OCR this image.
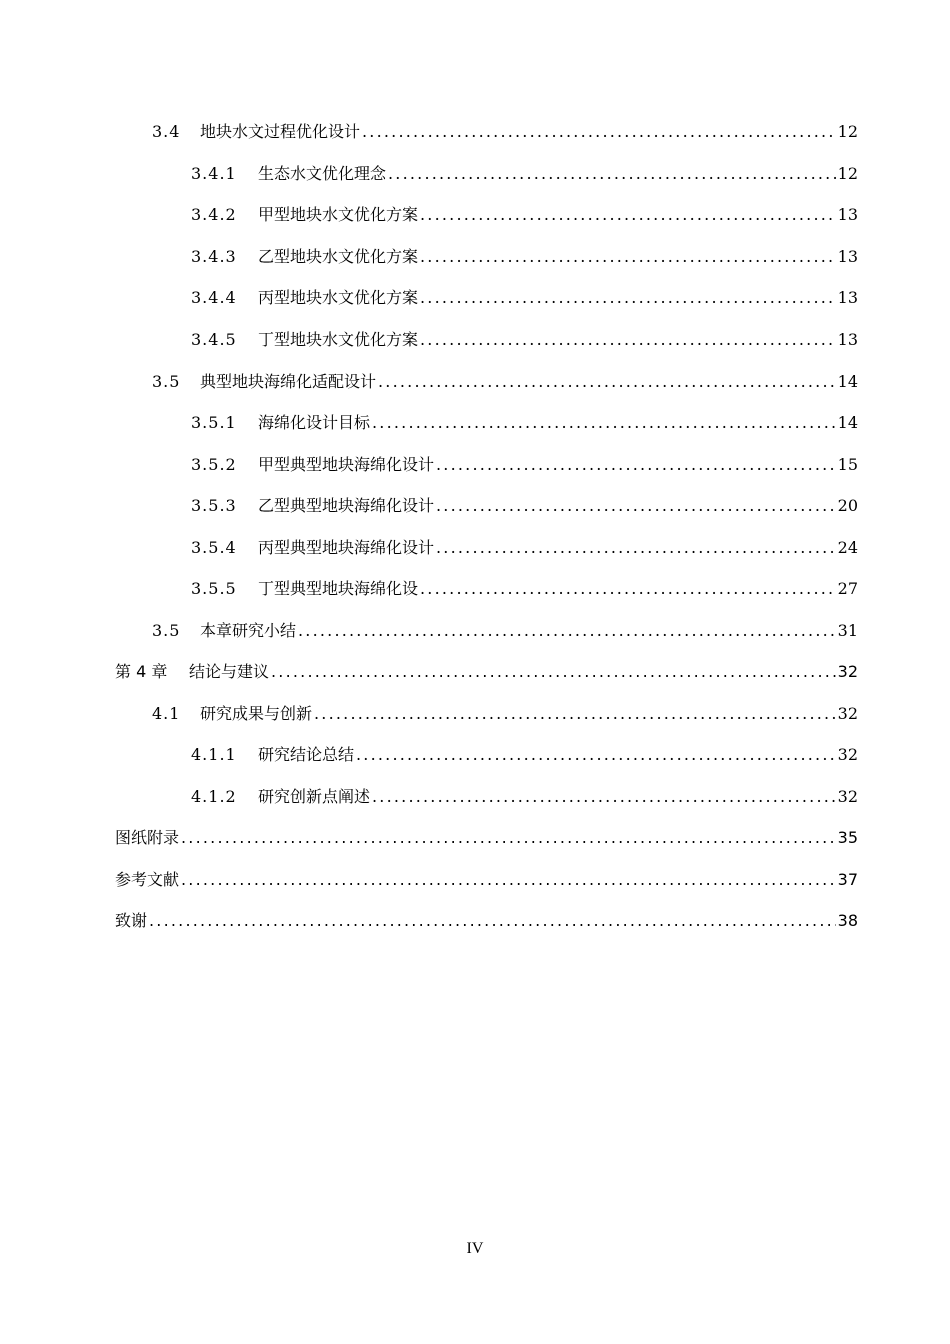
3.4	地块水文过程优化设计 .....	12
3.4.1	生态水文优化理念 .....	12
3.4.2	甲型地块水文优化方案 .....	13
3.4.3	乙型地块水文优化方案 .....	13
3.4.4	丙型地块水文优化方案 .....	13
3.4.5	丁型地块水文优化方案 .....	13
3.5	典型地块海绵化适配设计 .....	14
3.5.1	海绵化设计目标 .....	14
3.5.2	甲型典型地块海绵化设计 .....	15
3.5.3	乙型典型地块海绵化设计 .....	20
3.5.4	丙型典型地块海绵化设计 .....	24
3.5.5	丁型典型地块海绵化设 .....	27
3.5	本章研究小结 .....	31
第 4 章	结论与建议 .....	32
4.1	研究成果与创新 .....	32
4.1.1	研究结论总结 .....	32
4.1.2	研究创新点阐述 .....	32
图纸附录 .....	35
参考文献 .....	37
致谢 .....	38
IV
